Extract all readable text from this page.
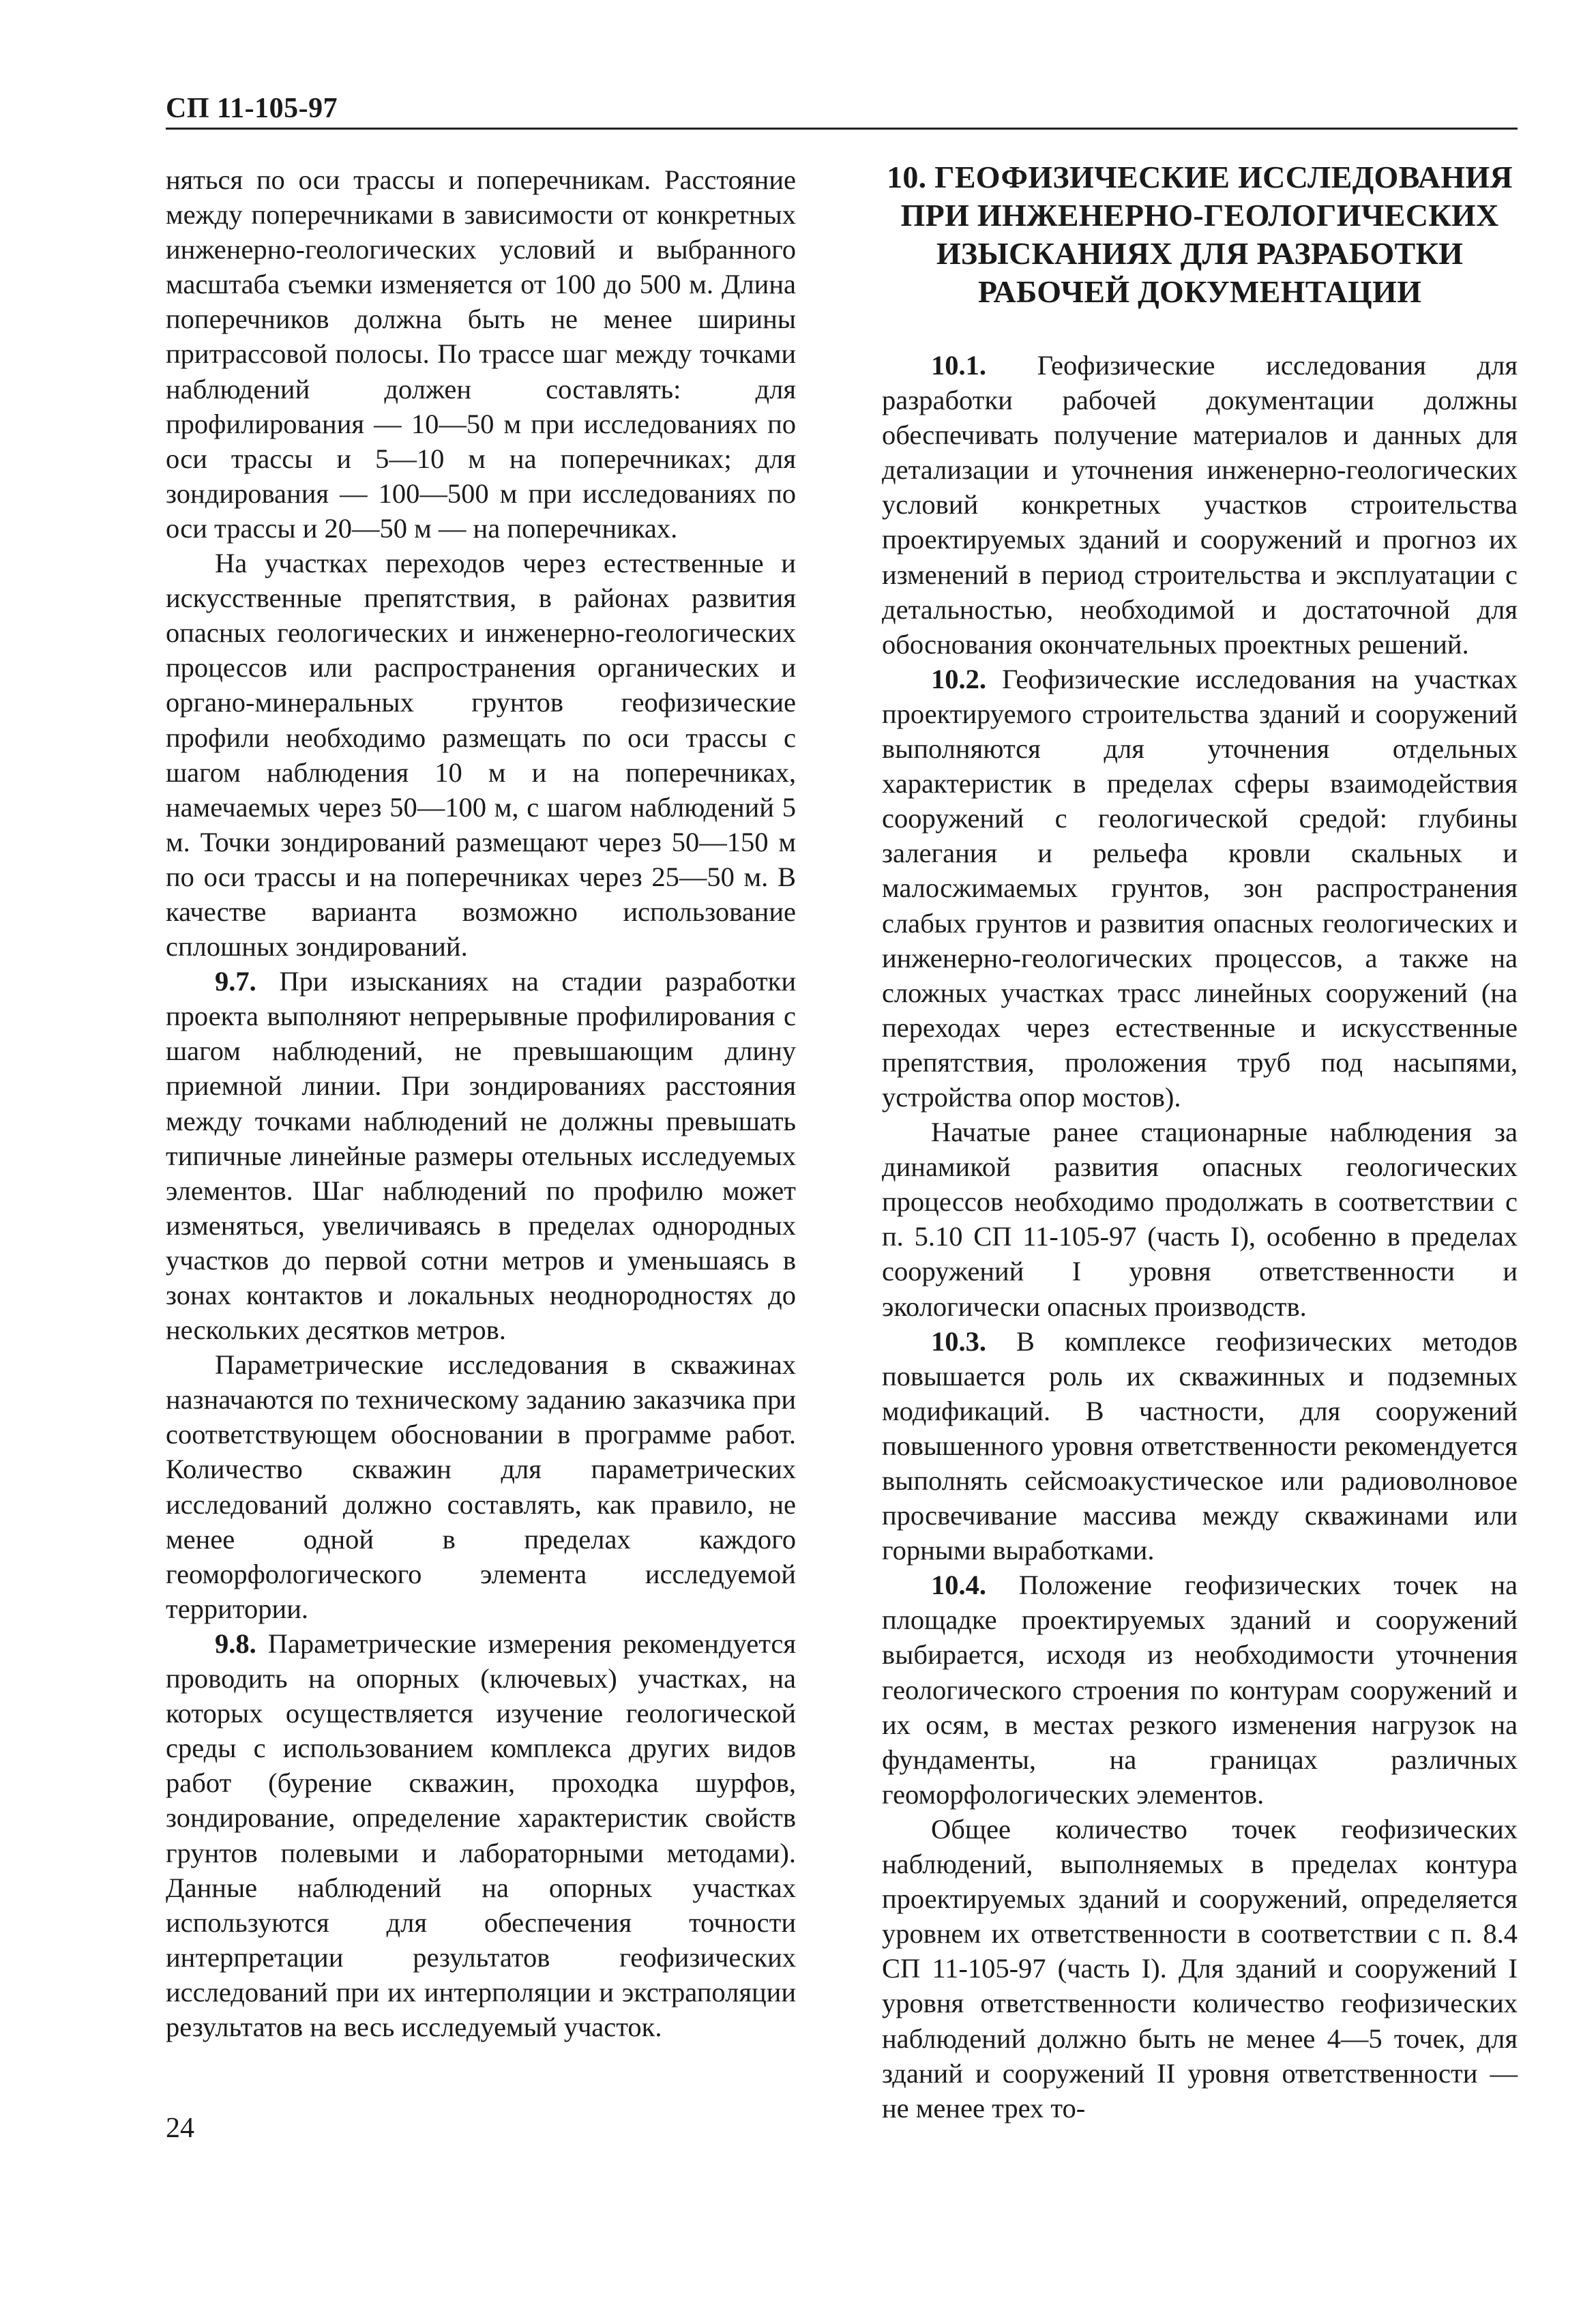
СП 11-105-97

няться по оси трассы и поперечникам. Расстояние между поперечниками в зависимости от конкретных инженерно-геологических условий и выбранного масштаба съемки изменяется от 100 до 500 м. Длина поперечников должна быть не менее ширины притрассовой полосы. По трассе шаг между точками наблюдений должен составлять: для профилирования — 10—50 м при исследованиях по оси трассы и 5—10 м на поперечниках; для зондирования — 100—500 м при исследованиях по оси трассы и 20—50 м — на поперечниках.

На участках переходов через естественные и искусственные препятствия, в районах развития опасных геологических и инженерно-геологических процессов или распространения органических и органо-минеральных грунтов геофизические профили необходимо размещать по оси трассы с шагом наблюдения 10 м и на поперечниках, намечаемых через 50—100 м, с шагом наблюдений 5 м. Точки зондирований размещают через 50—150 м по оси трассы и на поперечниках через 25—50 м. В качестве варианта возможно использование сплошных зондирований.

9.7. При изысканиях на стадии разработки проекта выполняют непрерывные профилирования с шагом наблюдений, не превышающим длину приемной линии. При зондированиях расстояния между точками наблюдений не должны превышать типичные линейные размеры отельных исследуемых элементов. Шаг наблюдений по профилю может изменяться, увеличиваясь в пределах однородных участков до первой сотни метров и уменьшаясь в зонах контактов и локальных неоднородностях до нескольких десятков метров.

Параметрические исследования в скважинах назначаются по техническому заданию заказчика при соответствующем обосновании в программе работ. Количество скважин для параметрических исследований должно составлять, как правило, не менее одной в пределах каждого геоморфологического элемента исследуемой территории.

9.8. Параметрические измерения рекомендуется проводить на опорных (ключевых) участках, на которых осуществляется изучение геологической среды с использованием комплекса других видов работ (бурение скважин, проходка шурфов, зондирование, определение характеристик свойств грунтов полевыми и лабораторными методами). Данные наблюдений на опорных участках используются для обеспечения точности интерпретации результатов геофизических исследований при их интерполяции и экстраполяции результатов на весь исследуемый участок.

10. ГЕОФИЗИЧЕСКИЕ ИССЛЕДОВАНИЯ ПРИ ИНЖЕНЕРНО-ГЕОЛОГИЧЕСКИХ ИЗЫСКАНИЯХ ДЛЯ РАЗРАБОТКИ РАБОЧЕЙ ДОКУМЕНТАЦИИ

10.1. Геофизические исследования для разработки рабочей документации должны обеспечивать получение материалов и данных для детализации и уточнения инженерно-геологических условий конкретных участков строительства проектируемых зданий и сооружений и прогноз их изменений в период строительства и эксплуатации с детальностью, необходимой и достаточной для обоснования окончательных проектных решений.

10.2. Геофизические исследования на участках проектируемого строительства зданий и сооружений выполняются для уточнения отдельных характеристик в пределах сферы взаимодействия сооружений с геологической средой: глубины залегания и рельефа кровли скальных и малосжимаемых грунтов, зон распространения слабых грунтов и развития опасных геологических и инженерно-геологических процессов, а также на сложных участках трасс линейных сооружений (на переходах через естественные и искусственные препятствия, проложения труб под насыпями, устройства опор мостов).

Начатые ранее стационарные наблюдения за динамикой развития опасных геологических процессов необходимо продолжать в соответствии с п. 5.10 СП 11-105-97 (часть I), особенно в пределах сооружений I уровня ответственности и экологически опасных производств.

10.3. В комплексе геофизических методов повышается роль их скважинных и подземных модификаций. В частности, для сооружений повышенного уровня ответственности рекомендуется выполнять сейсмоакустическое или радиоволновое просвечивание массива между скважинами или горными выработками.

10.4. Положение геофизических точек на площадке проектируемых зданий и сооружений выбирается, исходя из необходимости уточнения геологического строения по контурам сооружений и их осям, в местах резкого изменения нагрузок на фундаменты, на границах различных геоморфологических элементов.

Общее количество точек геофизических наблюдений, выполняемых в пределах контура проектируемых зданий и сооружений, определяется уровнем их ответственности в соответствии с п. 8.4 СП 11-105-97 (часть I). Для зданий и сооружений I уровня ответственности количество геофизических наблюдений должно быть не менее 4—5 точек, для зданий и сооружений II уровня ответственности — не менее трех то-

24
